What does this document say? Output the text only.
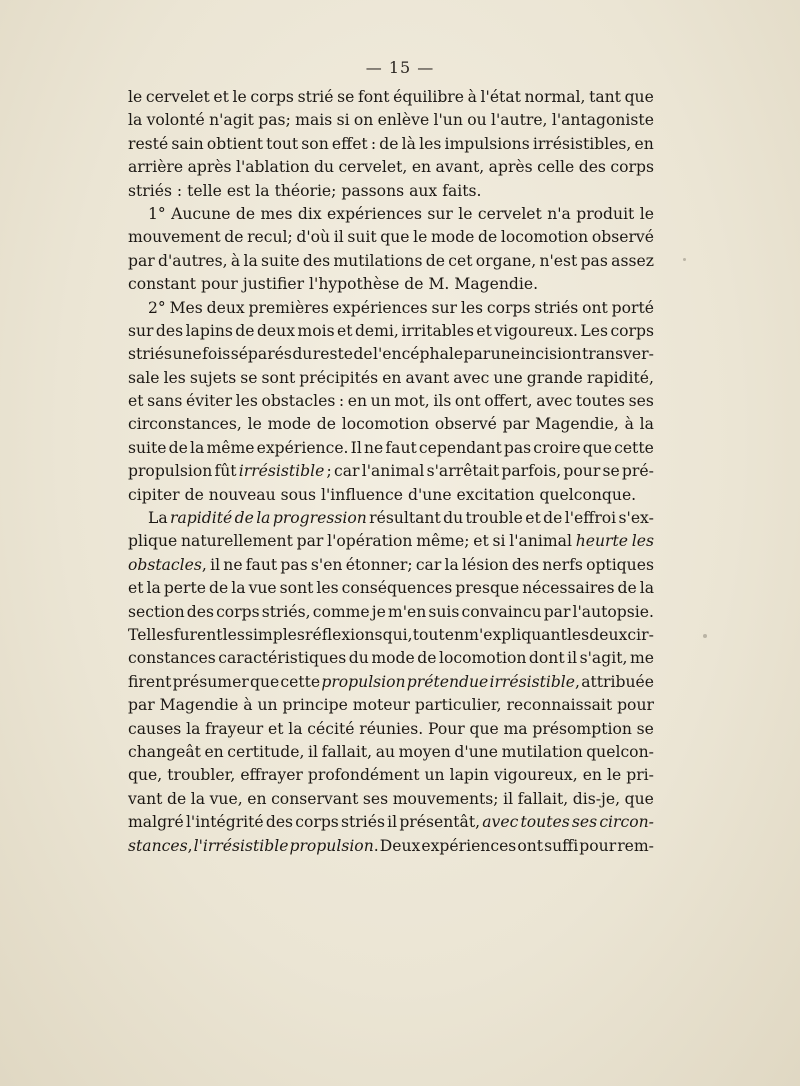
— 15 —
le cervelet et le corps strié se font équilibre à l'état normal, tant que
la volonté n'agit pas; mais si on enlève l'un ou l'autre, l'antagoniste
resté sain obtient tout son effet : de là les impulsions irrésistibles, en
arrière après l'ablation du cervelet, en avant, après celle des corps
striés : telle est la théorie; passons aux faits.
1° Aucune de mes dix expériences sur le cervelet n'a produit le
mouvement de recul; d'où il suit que le mode de locomotion observé
par d'autres, à la suite des mutilations de cet organe, n'est pas assez
constant pour justifier l'hypothèse de M. Magendie.
2° Mes deux premières expériences sur les corps striés ont porté
sur des lapins de deux mois et demi, irritables et vigoureux. Les corps
striés une fois séparés du reste de l'encéphale par une incision transver-
sale les sujets se sont précipités en avant avec une grande rapidité,
et sans éviter les obstacles : en un mot, ils ont offert, avec toutes ses
circonstances, le mode de locomotion observé par Magendie, à la
suite de la même expérience. Il ne faut cependant pas croire que cette
propulsion fût irrésistible ; car l'animal s'arrêtait parfois, pour se pré-
cipiter de nouveau sous l'influence d'une excitation quelconque.
La rapidité de la progression résultant du trouble et de l'effroi s'ex-
plique naturellement par l'opération même; et si l'animal heurte les
obstacles, il ne faut pas s'en étonner; car la lésion des nerfs optiques
et la perte de la vue sont les conséquences presque nécessaires de la
section des corps striés, comme je m'en suis convaincu par l'autopsie.
Telles furent les simples réflexions qui, tout en m'expliquant les deux cir-
constances caractéristiques du mode de locomotion dont il s'agit, me
firent présumer que cette propulsion prétendue irrésistible, attribuée
par Magendie à un principe moteur particulier, reconnaissait pour
causes la frayeur et la cécité réunies. Pour que ma présomption se
changeât en certitude, il fallait, au moyen d'une mutilation quelcon-
que, troubler, effrayer profondément un lapin vigoureux, en le pri-
vant de la vue, en conservant ses mouvements; il fallait, dis-je, que
malgré l'intégrité des corps striés il présentât, avec toutes ses circon-
stances, l'irrésistible propulsion. Deux expériences ont suffi pour rem-
